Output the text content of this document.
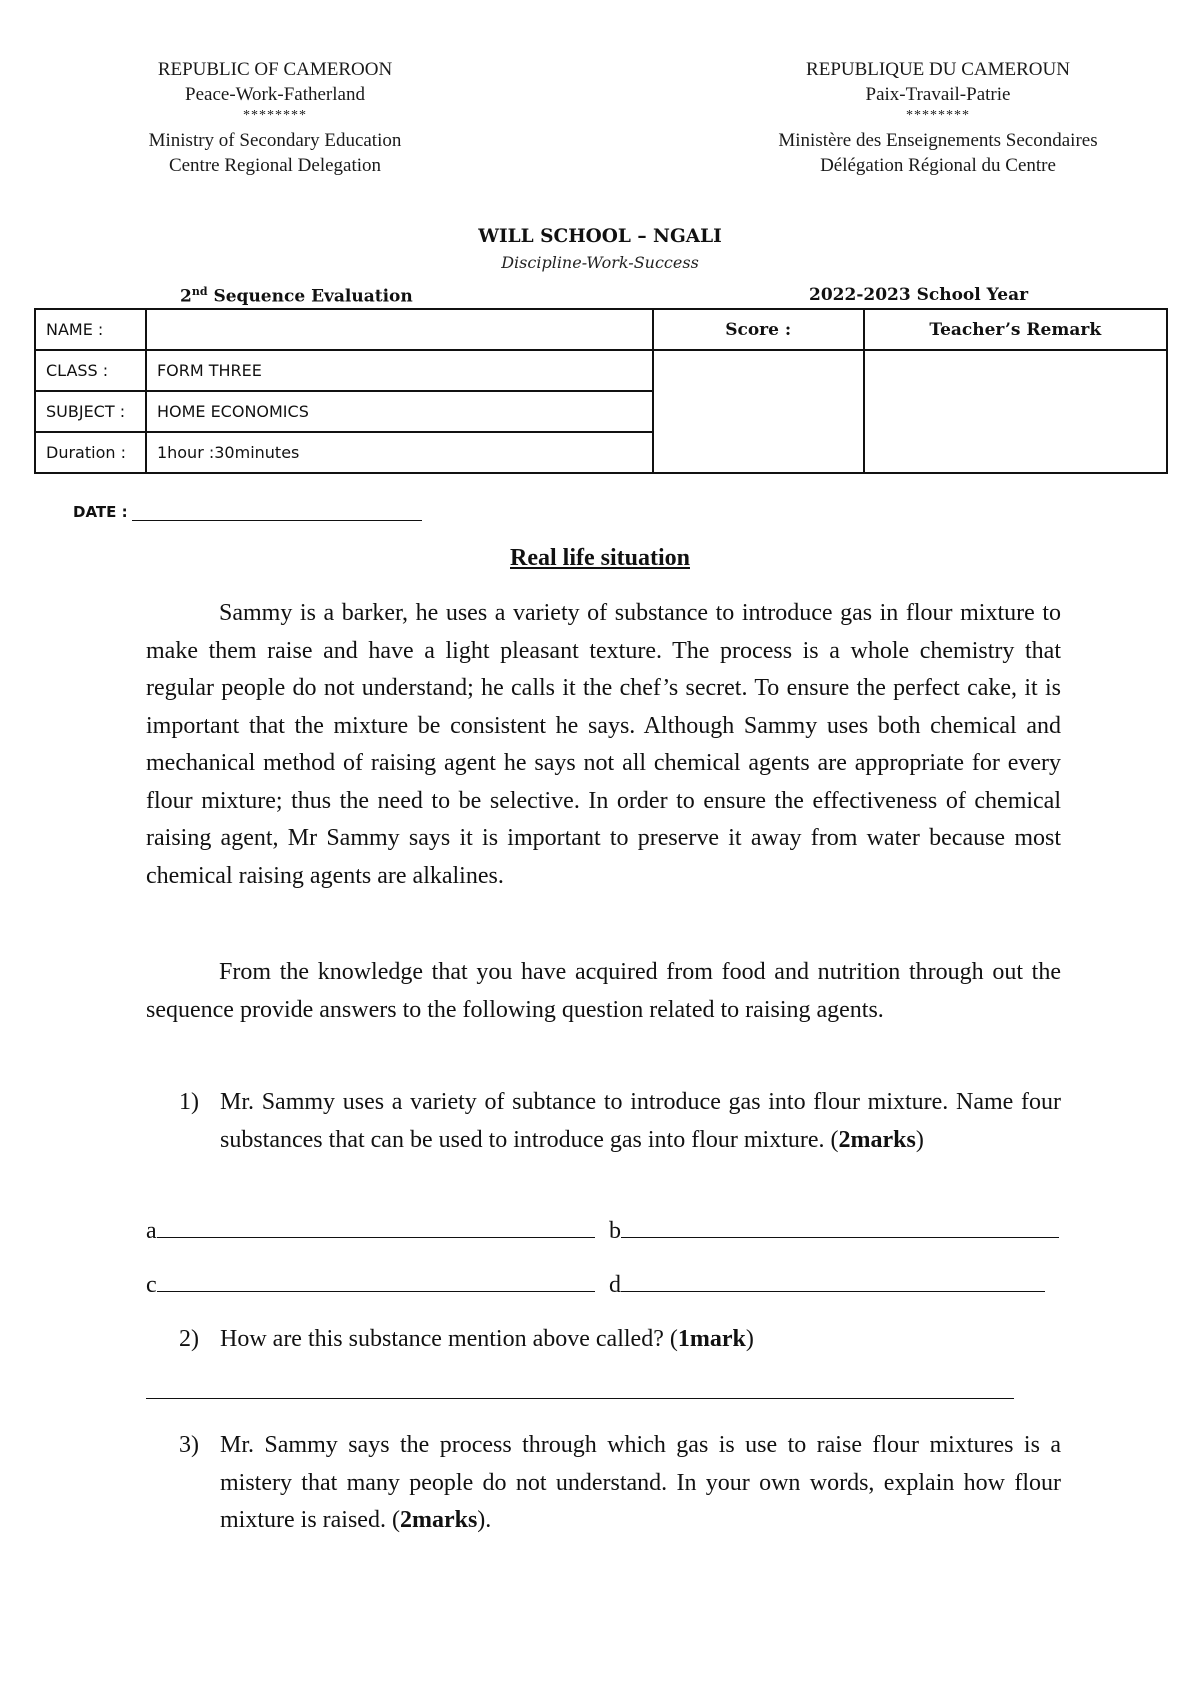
REPUBLIC OF CAMEROON
Peace-Work-Fatherland
********
Ministry of Secondary Education
Centre Regional Delegation
REPUBLIQUE DU CAMEROUN
Paix-Travail-Patrie
********
Ministère des Enseignements Secondaires
Délégation Régional du Centre
WILL SCHOOL – NGALI
Discipline-Work-Success
2nd Sequence Evaluation	2022-2023 School Year
NAME :		Score :	Teacher’s Remark
CLASS :	FORM THREE		
SUBJECT :	HOME ECONOMICS		
Duration :	1hour :30minutes		
DATE :
Real life situation
Sammy is a barker, he uses a variety of substance to introduce gas in flour mixture to make them raise and have a light pleasant texture. The process is a whole chemistry that regular people do not understand; he calls it the chef’s secret. To ensure the perfect cake, it is important that the mixture be consistent he says. Although Sammy uses both chemical and mechanical method of raising agent he says not all chemical agents are appropriate for every flour mixture; thus the need to be selective. In order to ensure the effectiveness of chemical raising agent, Mr Sammy says it is important to preserve it away from water because most chemical raising agents are alkalines.
From the knowledge that you have acquired from food and nutrition through out the sequence provide answers to the following question related to raising agents.
1) Mr. Sammy uses a variety of subtance to introduce gas into flour mixture. Name four substances that can be used to introduce gas into flour mixture. (2marks)
a	b
c	d
2) How are this substance mention above called? (1mark)
3) Mr. Sammy says the process through which gas is use to raise flour mixtures is a mistery that many people do not understand. In your own words, explain how flour mixture is raised. (2marks).
